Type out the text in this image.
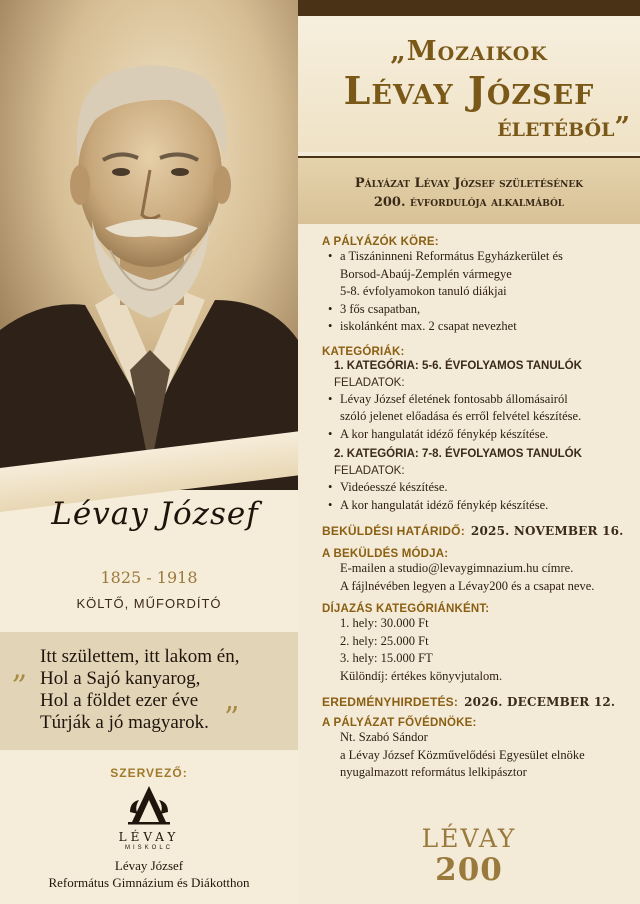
Lévay József
1825 - 1918
KÖLTŐ, MŰFORDÍTÓ
„ Itt születtem, itt lakom én,
Hol a Sajó kanyarog,
Hol a földet ezer éve
Túrják a jó magyarok. ”
SZERVEZŐ:
LÉVAY
MISKOLC
Lévay József
Református Gimnázium és Diákotthon
„Mozaikok
Lévay József
életéből”
Pályázat Lévay József születésének
200. évfordulója alkalmából
A PÁLYÁZÓK KÖRE:
• a Tiszáninneni Református Egyházkerület és
Borsod-Abaúj-Zemplén vármegye
5-8. évfolyamokon tanuló diákjai
• 3 fős csapatban,
• iskolánként max. 2 csapat nevezhet
KATEGÓRIÁK:
1. KATEGÓRIA: 5-6. ÉVFOLYAMOS TANULÓK
FELADATOK:
• Lévay József életének fontosabb állomásairól
szóló jelenet előadása és erről felvétel készítése.
• A kor hangulatát idéző fénykép készítése.
2. KATEGÓRIA: 7-8. ÉVFOLYAMOS TANULÓK
FELADATOK:
• Videóesszé készítése.
• A kor hangulatát idéző fénykép készítése.
BEKÜLDÉSI HATÁRIDŐ: 2025. NOVEMBER 16.
A BEKÜLDÉS MÓDJA:
E-mailen a studio@levaygimnazium.hu címre.
A fájlnévében legyen a Lévay200 és a csapat neve.
DÍJAZÁS KATEGÓRIÁNKÉNT:
1. hely: 30.000 Ft
2. hely: 25.000 Ft
3. hely: 15.000 FT
Különdíj: értékes könyvjutalom.
EREDMÉNYHIRDETÉS: 2026. DECEMBER 12.
A PÁLYÁZAT FŐVÉDNÖKE:
Nt. Szabó Sándor
a Lévay József Közművelődési Egyesület elnöke
nyugalmazott református lelkipásztor
LÉVAY
200
